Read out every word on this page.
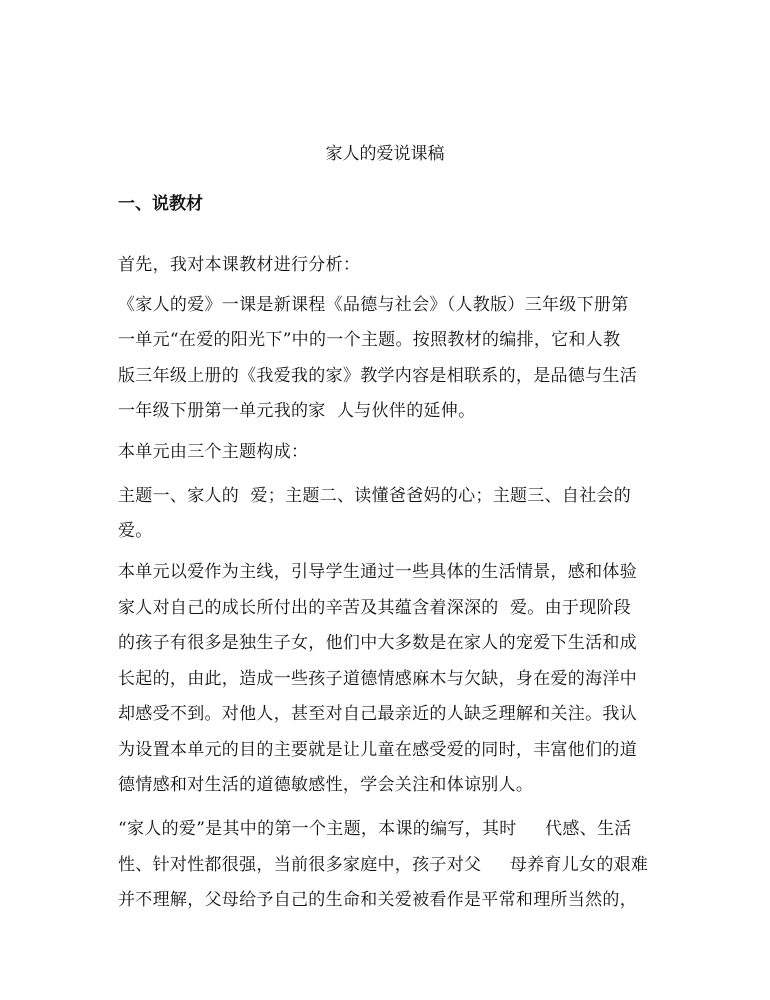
家人的爱说课稿
一、说教材
首先，我对本课教材进行分析：
《家人的爱》一课是新课程《品德与社会》（人教版）三年级下册第
一单元“在爱的阳光下”中的一个主题。按照教材的编排，它和人教
版三年级上册的《我爱我的家》教学内容是相联系的，是品德与生活
一年级下册第一单元我的家  人与伙伴的延伸。
本单元由三个主题构成：
主题一、家人的  爱；主题二、读懂爸爸妈的心；主题三、自社会的
爱。
本单元以爱作为主线，引导学生通过一些具体的生活情景，感和体验
家人对自己的成长所付出的辛苦及其蕴含着深深的  爱。由于现阶段
的孩子有很多是独生子女，他们中大多数是在家人的宠爱下生活和成
长起的，由此，造成一些孩子道德情感麻木与欠缺，身在爱的海洋中
却感受不到。对他人，甚至对自己最亲近的人缺乏理解和关注。我认
为设置本单元的目的主要就是让儿童在感受爱的同时，丰富他们的道
德情感和对生活的道德敏感性，学会关注和体谅别人。
“家人的爱”是其中的第一个主题，本课的编写，其时     代感、生活
性、针对性都很强，当前很多家庭中，孩子对父     母养育儿女的艰难
并不理解，父母给予自己的生命和关爱被看作是平常和理所当然的，
